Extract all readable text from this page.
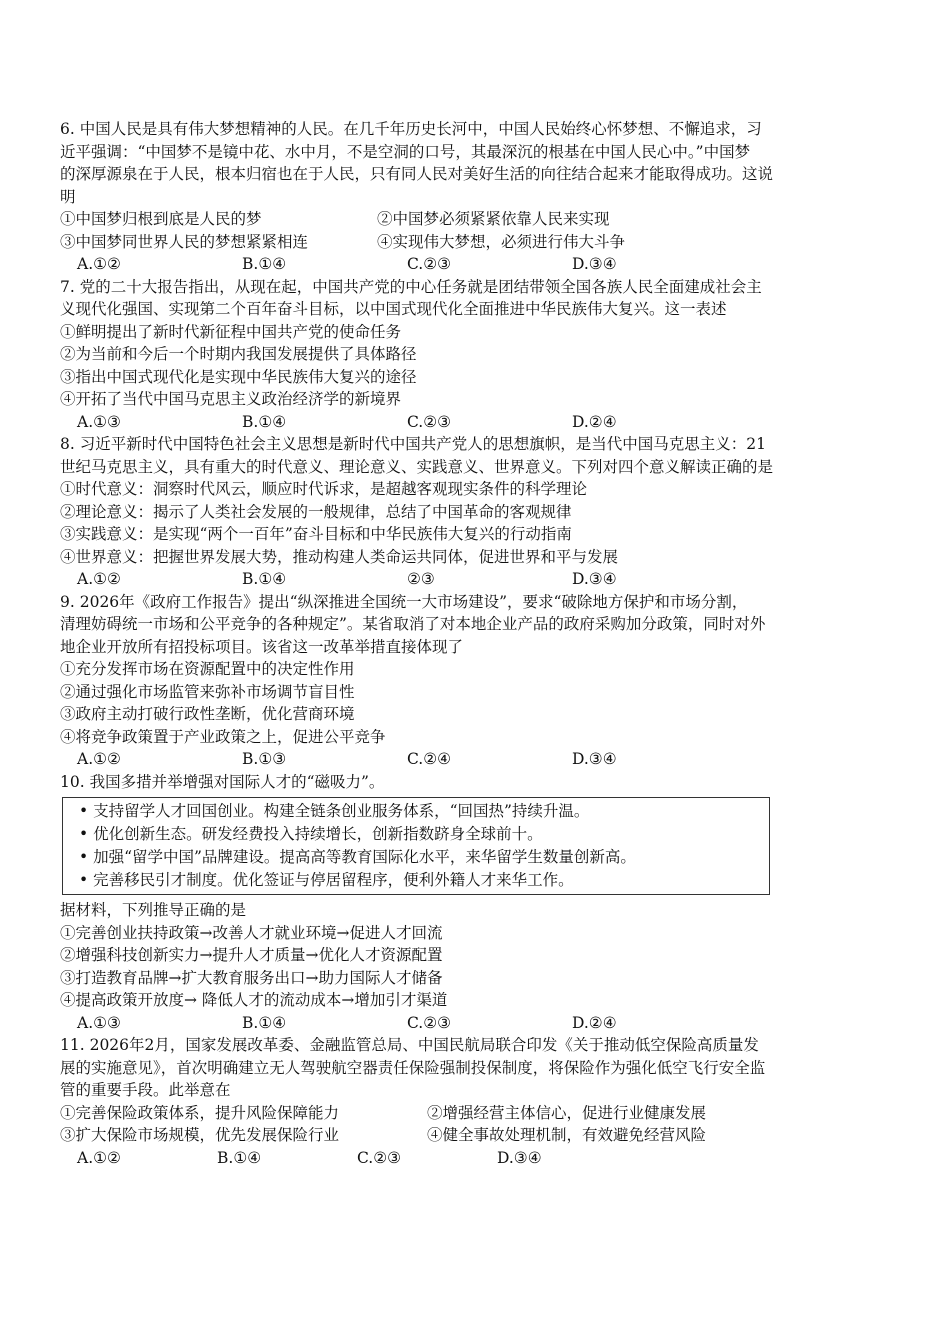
6. 中国人民是具有伟大梦想精神的人民。在几千年历史长河中，中国人民始终心怀梦想、不懈追求，习
近平强调：“中国梦不是镜中花、水中月，不是空洞的口号，其最深沉的根基在中国人民心中。”中国梦
的深厚源泉在于人民，根本归宿也在于人民，只有同人民对美好生活的向往结合起来才能取得成功。这说
明
①中国梦归根到底是人民的梦	②中国梦必须紧紧依靠人民来实现
③中国梦同世界人民的梦想紧紧相连	④实现伟大梦想，必须进行伟大斗争
A.①②	B.①④	C.②③	D.③④
7. 党的二十大报告指出，从现在起，中国共产党的中心任务就是团结带领全国各族人民全面建成社会主
义现代化强国、实现第二个百年奋斗目标，以中国式现代化全面推进中华民族伟大复兴。这一表述
①鲜明提出了新时代新征程中国共产党的使命任务
②为当前和今后一个时期内我国发展提供了具体路径
③指出中国式现代化是实现中华民族伟大复兴的途径
④开拓了当代中国马克思主义政治经济学的新境界
A.①③	B.①④	C.②③	D.②④
8. 习近平新时代中国特色社会主义思想是新时代中国共产党人的思想旗帜，是当代中国马克思主义：21
世纪马克思主义，具有重大的时代意义、理论意义、实践意义、世界意义。下列对四个意义解读正确的是
①时代意义：洞察时代风云，顺应时代诉求，是超越客观现实条件的科学理论
②理论意义：揭示了人类社会发展的一般规律，总结了中国革命的客观规律
③实践意义：是实现“两个一百年”奋斗目标和中华民族伟大复兴的行动指南
④世界意义：把握世界发展大势，推动构建人类命运共同体，促进世界和平与发展
A.①②	B.①④	②③	D.③④
9. 2026年《政府工作报告》提出“纵深推进全国统一大市场建设”，要求“破除地方保护和市场分割，
清理妨碍统一市场和公平竞争的各种规定”。某省取消了对本地企业产品的政府采购加分政策，同时对外
地企业开放所有招投标项目。该省这一改革举措直接体现了
①充分发挥市场在资源配置中的决定性作用
②通过强化市场监管来弥补市场调节盲目性
③政府主动打破行政性垄断，优化营商环境
④将竞争政策置于产业政策之上，促进公平竞争
A.①②	B.①③	C.②④	D.③④
10. 我国多措并举增强对国际人才的“磁吸力”。
• 支持留学人才回国创业。构建全链条创业服务体系，“回国热”持续升温。
• 优化创新生态。研发经费投入持续增长，创新指数跻身全球前十。
• 加强“留学中国”品牌建设。提高高等教育国际化水平，来华留学生数量创新高。
• 完善移民引才制度。优化签证与停居留程序，便利外籍人才来华工作。
据材料，下列推导正确的是
①完善创业扶持政策→改善人才就业环境→促进人才回流
②增强科技创新实力→提升人才质量→优化人才资源配置
③打造教育品牌→扩大教育服务出口→助力国际人才储备
④提高政策开放度→ 降低人才的流动成本→增加引才渠道
A.①③	B.①④	C.②③	D.②④
11. 2026年2月，国家发展改革委、金融监管总局、中国民航局联合印发《关于推动低空保险高质量发
展的实施意见》，首次明确建立无人驾驶航空器责任保险强制投保制度，将保险作为强化低空飞行安全监
管的重要手段。此举意在
①完善保险政策体系，提升风险保障能力	②增强经营主体信心，促进行业健康发展
③扩大保险市场规模，优先发展保险行业	④健全事故处理机制，有效避免经营风险
A.①②	B.①④	C.②③	D.③④
